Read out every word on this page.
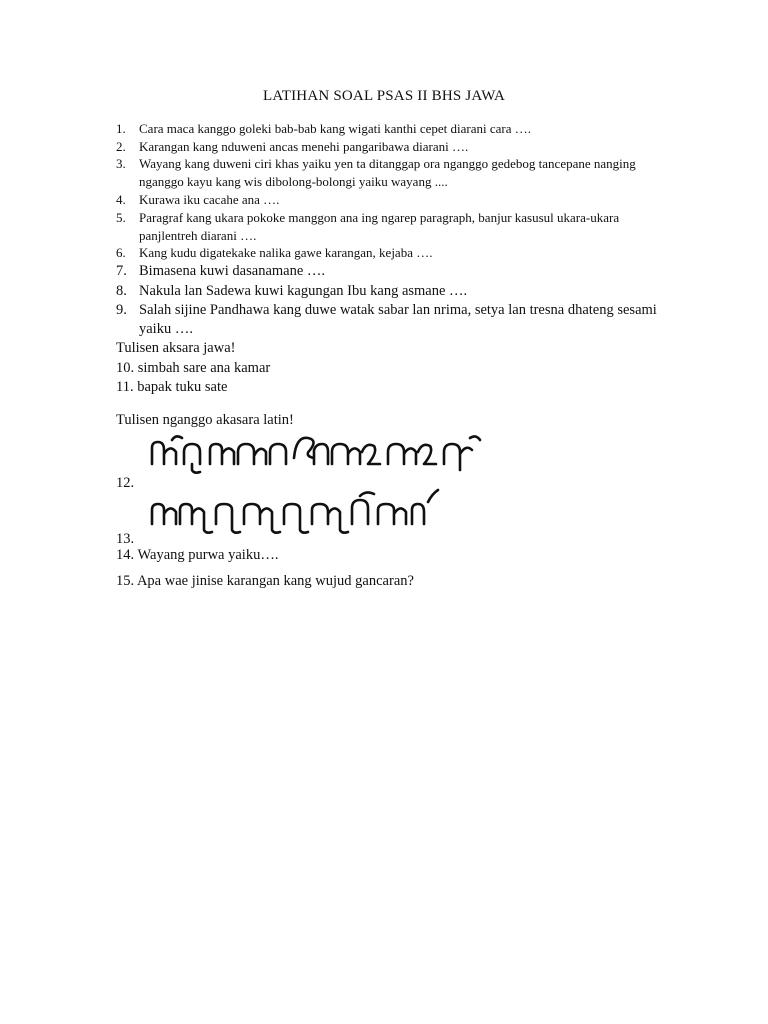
LATIHAN SOAL PSAS II BHS JAWA
1.	Cara maca kanggo goleki bab-bab kang wigati kanthi cepet diarani cara ….
2.	Karangan kang nduweni ancas menehi pangaribawa diarani ….
3.	Wayang kang duweni ciri khas yaiku yen ta ditanggap ora nganggo gedebog tancepane nanging nganggo kayu kang wis dibolong-bolongi yaiku wayang ....
4.	Kurawa iku cacahe ana ….
5.	Paragraf kang ukara pokoke manggon ana ing ngarep paragraph, banjur kasusul ukara-ukara panjlentreh diarani ….
6.	Kang kudu digatekake nalika gawe karangan, kejaba ….
7. Bimasena kuwi dasanamane ….
8. Nakula lan Sadewa kuwi kagungan Ibu kang asmane ….
9. Salah sijine Pandhawa kang duwe watak sabar lan nrima, setya lan tresna dhateng sesami yaiku ….
Tulisen aksara jawa!
10. simbah sare ana kamar
11. bapak tuku sate
Tulisen nganggo akasara latin!
12.
13.
14. Wayang purwa yaiku….
15. Apa wae jinise karangan kang wujud gancaran?
